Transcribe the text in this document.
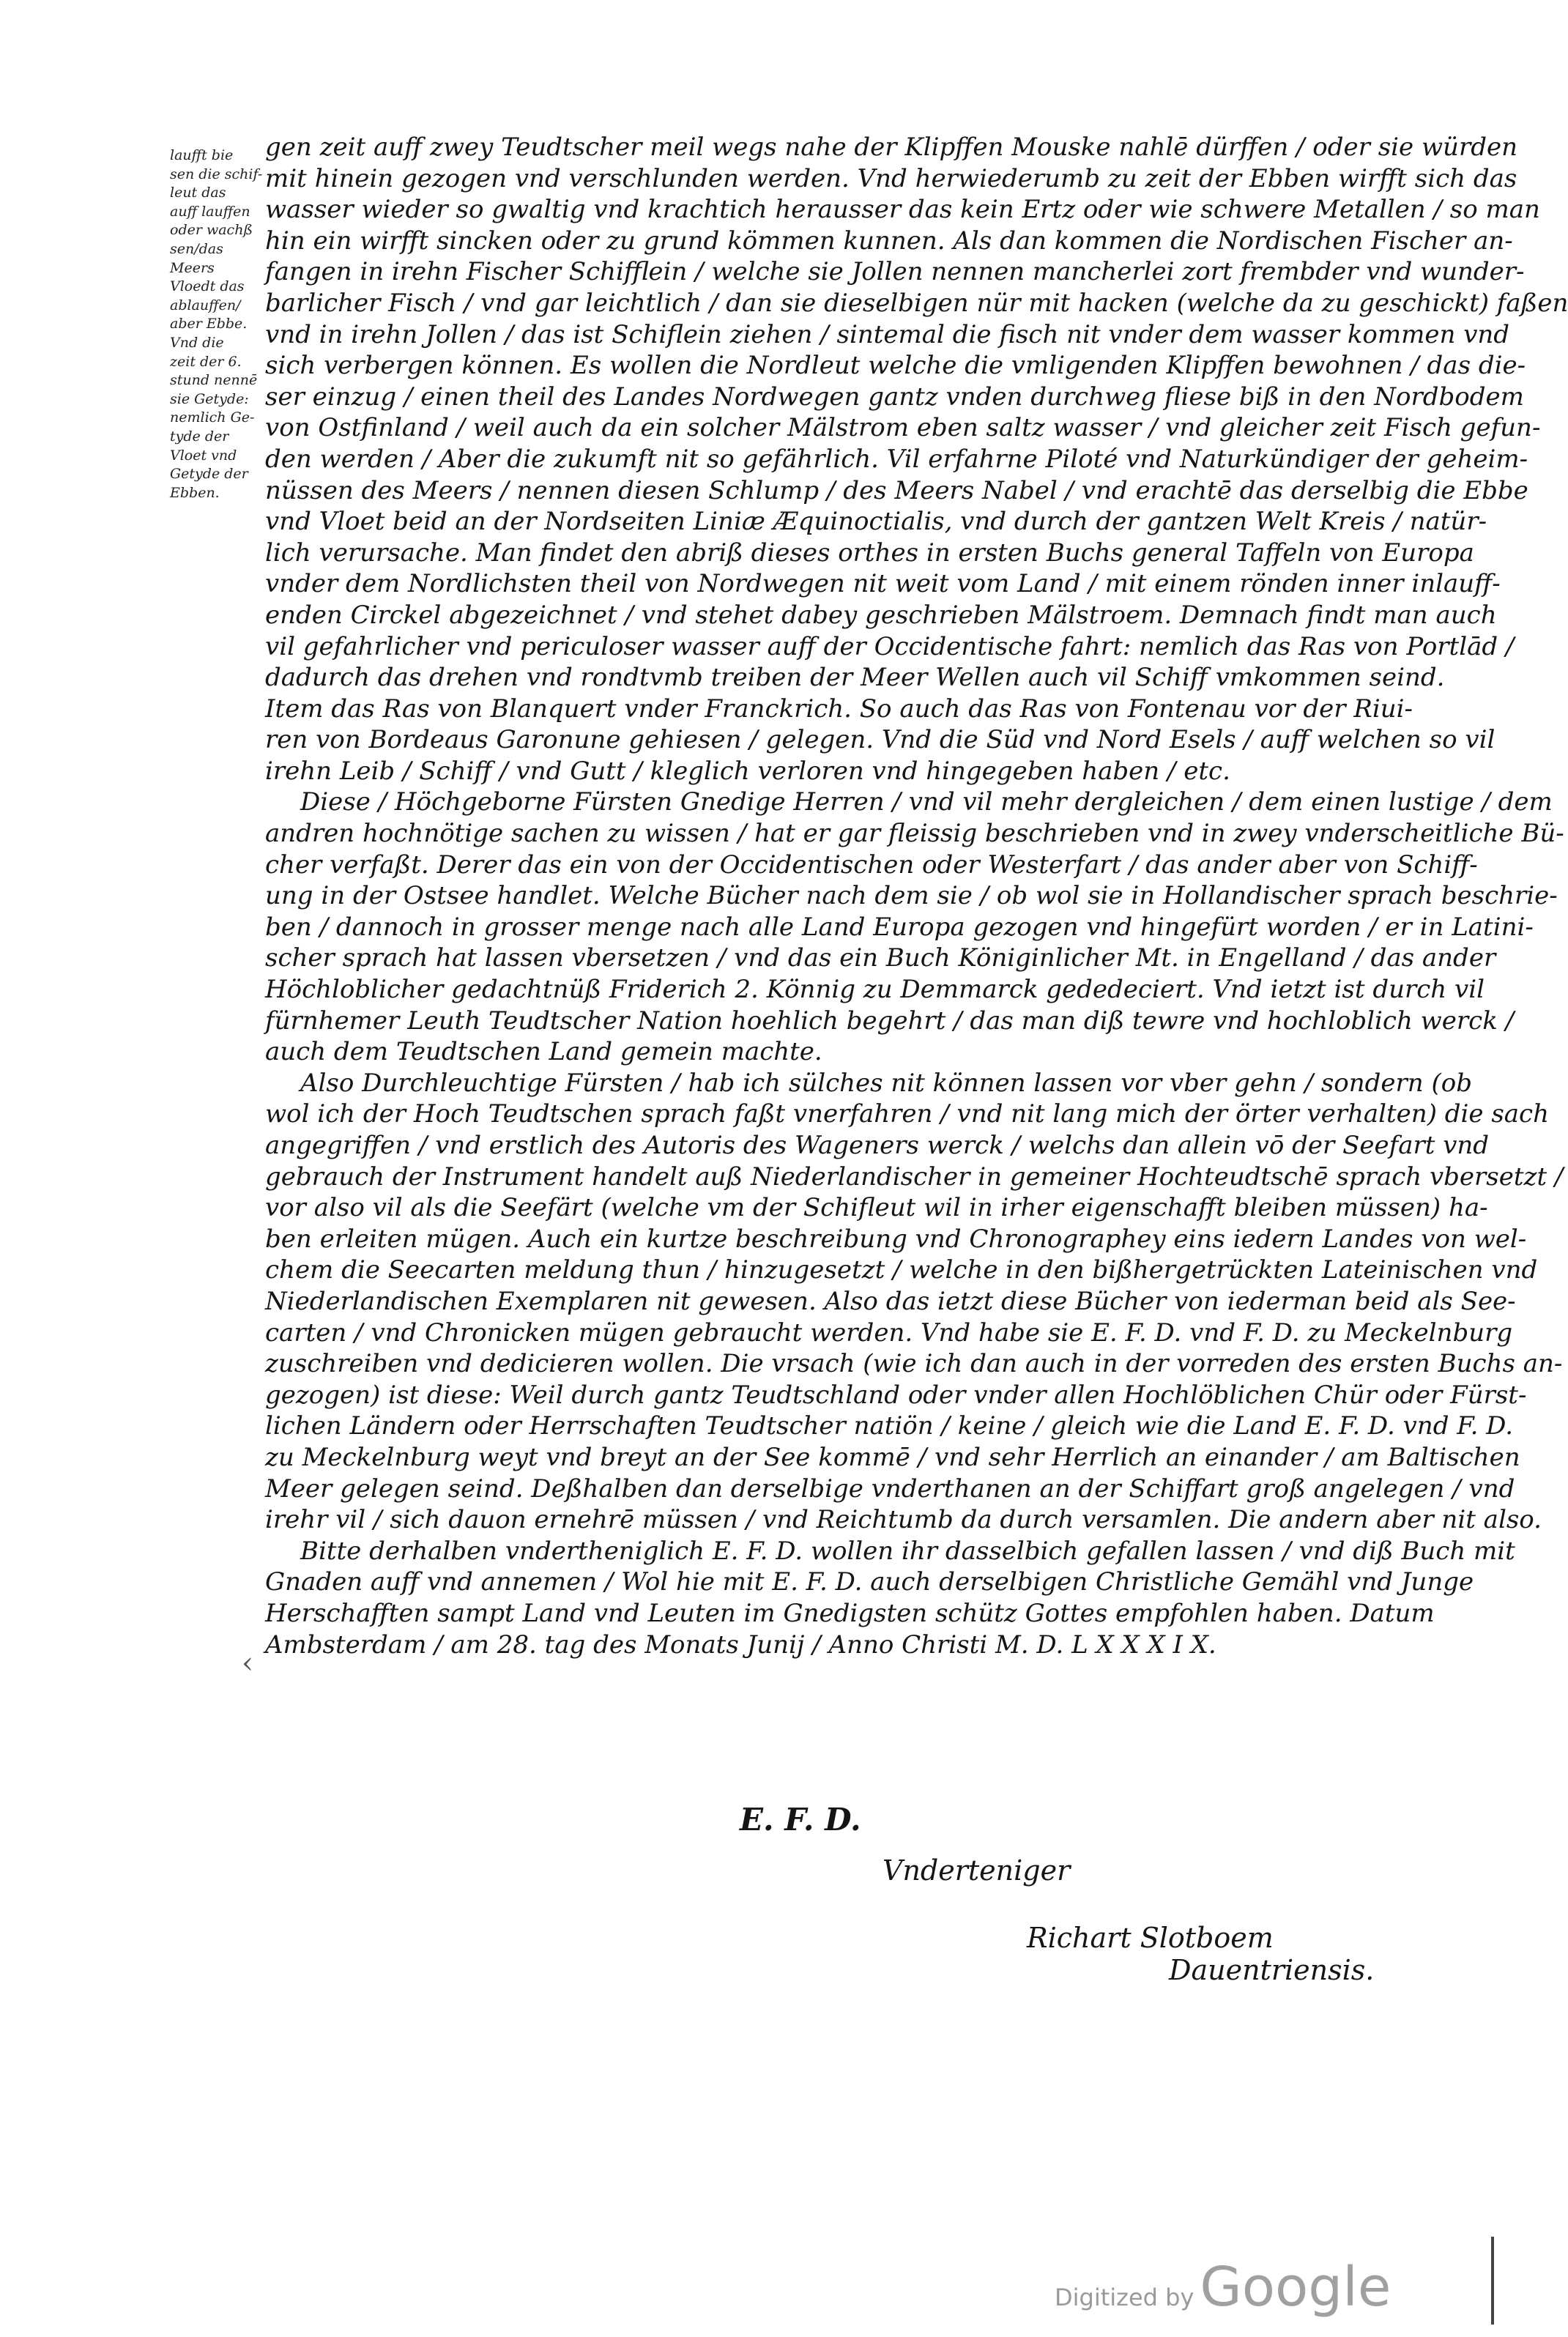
laufft bie
sen die schif-
leut das
auff lauffen
oder wachß
sen/das
Meers
Vloedt das
ablauffen/
aber Ebbe.
Vnd die
zeit der 6.
stund nennē
sie Getyde:
nemlich Ge-
tyde der
Vloet vnd
Getyde der
Ebben.
gen zeit auff zwey Teudtscher meil wegs nahe der Klipffen Mouske nahlē dürffen / oder sie würden
mit hinein gezogen vnd verschlunden werden. Vnd herwiederumb zu zeit der Ebben wirfft sich das
wasser wieder so gwaltig vnd krachtich herausser das kein Ertz oder wie schwere Metallen / so man
hin ein wirfft sincken oder zu grund kömmen kunnen. Als dan kommen die Nordischen Fischer an-
fangen in irehn Fischer Schifflein / welche sie Jollen nennen mancherlei zort frembder vnd wunder-
barlicher Fisch / vnd gar leichtlich / dan sie dieselbigen nür mit hacken (welche da zu geschickt) faßen
vnd in irehn Jollen / das ist Schiflein ziehen / sintemal die fisch nit vnder dem wasser kommen vnd
sich verbergen können. Es wollen die Nordleut welche die vmligenden Klipffen bewohnen / das die-
ser einzug / einen theil des Landes Nordwegen gantz vnden durchweg fliese biß in den Nordbodem
von Ostfinland / weil auch da ein solcher Mälstrom eben saltz wasser / vnd gleicher zeit Fisch gefun-
den werden / Aber die zukumft nit so gefährlich. Vil erfahrne Piloté vnd Naturkündiger der geheim-
nüssen des Meers / nennen diesen Schlump / des Meers Nabel / vnd erachtē das derselbig die Ebbe
vnd Vloet beid an der Nordseiten Liniæ Æquinoctialis, vnd durch der gantzen Welt Kreis / natür-
lich verursache. Man findet den abriß dieses orthes in ersten Buchs general Taffeln von Europa
vnder dem Nordlichsten theil von Nordwegen nit weit vom Land / mit einem rönden inner inlauff-
enden Circkel abgezeichnet / vnd stehet dabey geschrieben Mälstroem. Demnach findt man auch
vil gefahrlicher vnd periculoser wasser auff der Occidentische fahrt: nemlich das Ras von Portlād /
dadurch das drehen vnd rondtvmb treiben der Meer Wellen auch vil Schiff vmkommen seind.
Item das Ras von Blanquert vnder Franckrich. So auch das Ras von Fontenau vor der Riui-
ren von Bordeaus Garonune gehiesen / gelegen. Vnd die Süd vnd Nord Esels / auff welchen so vil
irehn Leib / Schiff / vnd Gutt / kleglich verloren vnd hingegeben haben / etc.
Diese / Höchgeborne Fürsten Gnedige Herren / vnd vil mehr dergleichen / dem einen lustige / dem
andren hochnötige sachen zu wissen / hat er gar fleissig beschrieben vnd in zwey vnderscheitliche Bü-
cher verfaßt. Derer das ein von der Occidentischen oder Westerfart / das ander aber von Schiff-
ung in der Ostsee handlet. Welche Bücher nach dem sie / ob wol sie in Hollandischer sprach beschrie-
ben / dannoch in grosser menge nach alle Land Europa gezogen vnd hingefürt worden / er in Latini-
scher sprach hat lassen vbersetzen / vnd das ein Buch Königinlicher Mt. in Engelland / das ander
Höchloblicher gedachtnüß Friderich 2. Könnig zu Demmarck gededeciert. Vnd ietzt ist durch vil
fürnhemer Leuth Teudtscher Nation hoehlich begehrt / das man diß tewre vnd hochloblich werck /
auch dem Teudtschen Land gemein machte.
Also Durchleuchtige Fürsten / hab ich sülches nit können lassen vor vber gehn / sondern (ob
wol ich der Hoch Teudtschen sprach faßt vnerfahren / vnd nit lang mich der örter verhalten) die sach
angegriffen / vnd erstlich des Autoris des Wageners werck / welchs dan allein vō der Seefart vnd
gebrauch der Instrument handelt auß Niederlandischer in gemeiner Hochteudtschē sprach vbersetzt /
vor also vil als die Seefärt (welche vm der Schifleut wil in irher eigenschafft bleiben müssen) ha-
ben erleiten mügen. Auch ein kurtze beschreibung vnd Chronographey eins iedern Landes von wel-
chem die Seecarten meldung thun / hinzugesetzt / welche in den bißhergetrückten Lateinischen vnd
Niederlandischen Exemplaren nit gewesen. Also das ietzt diese Bücher von iederman beid als See-
carten / vnd Chronicken mügen gebraucht werden. Vnd habe sie E. F. D. vnd F. D. zu Meckelnburg
zuschreiben vnd dedicieren wollen. Die vrsach (wie ich dan auch in der vorreden des ersten Buchs an-
gezogen) ist diese: Weil durch gantz Teudtschland oder vnder allen Hochlöblichen Chür oder Fürst-
lichen Ländern oder Herrschaften Teudtscher natiön / keine / gleich wie die Land E. F. D. vnd F. D.
zu Meckelnburg weyt vnd breyt an der See kommē / vnd sehr Herrlich an einander / am Baltischen
Meer gelegen seind. Deßhalben dan derselbige vnderthanen an der Schiffart groß angelegen / vnd
irehr vil / sich dauon ernehrē müssen / vnd Reichtumb da durch versamlen. Die andern aber nit also.
Bitte derhalben vndertheniglich E. F. D. wollen ihr dasselbich gefallen lassen / vnd diß Buch mit
Gnaden auff vnd annemen / Wol hie mit E. F. D. auch derselbigen Christliche Gemähl vnd Junge
Herschafften sampt Land vnd Leuten im Gnedigsten schütz Gottes empfohlen haben. Datum
Ambsterdam / am 28. tag des Monats Junij / Anno Christi M. D. L X X X I X.
‹
E. F. D.
Vnderteniger
Richart Slotboem
Dauentriensis.
Digitized by Google
